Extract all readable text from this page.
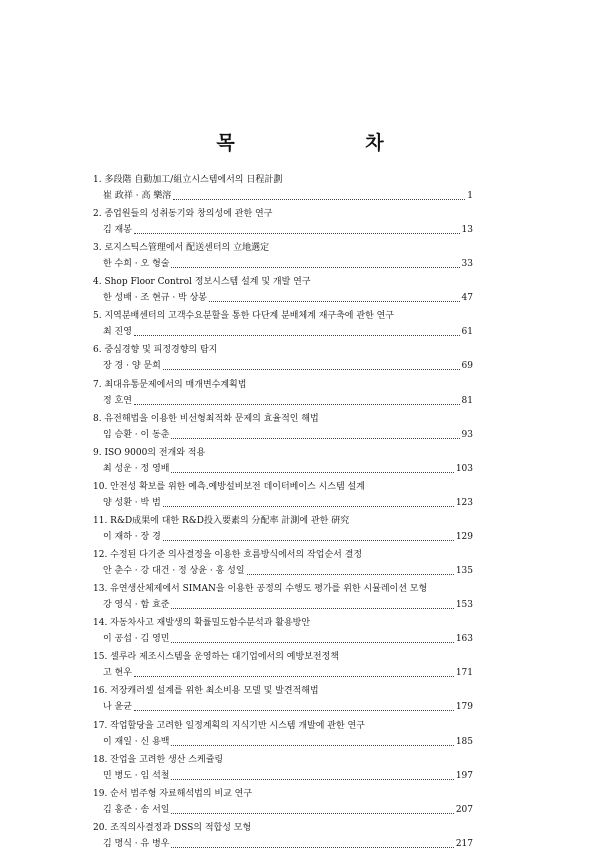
목 차
1. 多段階 自動加工/組立시스템에서의 日程計劃
崔 政祥 · 高 樂溶	1
2. 종업원들의 성취동기와 창의성에 관한 연구
김 재봉	13
3. 로지스틱스管理에서 配送센터의 立地選定
한 수희 · 오 형술	33
4. Shop Floor Control 정보시스템 설계 및 개발 연구
한 성배 · 조 현규 · 박 상봉	47
5. 지역분배센터의 고객수요분할을 통한 다단계 분배체계 재구축에 관한 연구
최 진영	61
6. 중심경향 및 피정경향의 탐지
장 경 · 양 문희	69
7. 최대유통문제에서의 매개변수계획법
정 호연	81
8. 유전해법을 이용한 비선형최적화 문제의 효율적인 해법
임 승환 · 이 동춘	93
9. ISO 9000의 전개와 적용
최 성운 · 정 영배	103
10. 안전성 확보를 위한 예측.예방설비보전 데이터베이스 시스템 설계
양 성환 · 박 범	123
11. R&D成果에 대한 R&D投入要素의 分配率 計測에 관한 硏究
이 재하 · 장 경	129
12. 수정된 다기준 의사결정을 이용한 흐름방식에서의 작업순서 결정
안 춘수 · 강 대건 · 정 상윤 · 홍 성일	135
13. 유연생산체제에서 SIMAN을 이용한 공정의 수행도 평가를 위한 시뮬레이션 모형
강 영식 · 함 효준	153
14. 자동차사고 재발생의 확률밀도함수분석과 활용방안
이 공섭 · 김 영민	163
15. 셀루라 제조시스템을 운영하는 대기업에서의 예방보전정책
고 현우	171
16. 저장캐러셀 설계를 위한 최소비용 모델 및 발견적해법
나 윤균	179
17. 작업할당을 고려한 일정계획의 지식기반 시스템 개발에 관한 연구
이 재일 · 신 용백	185
18. 잔업을 고려한 생산 스케쥴링
민 병도 · 임 석철	197
19. 순서 범주형 자료해석법의 비교 연구
김 홍준 · 송 서일	207
20. 조직의사결정과 DSS의 적합성 모형
김 명식 · 유 병우	217
